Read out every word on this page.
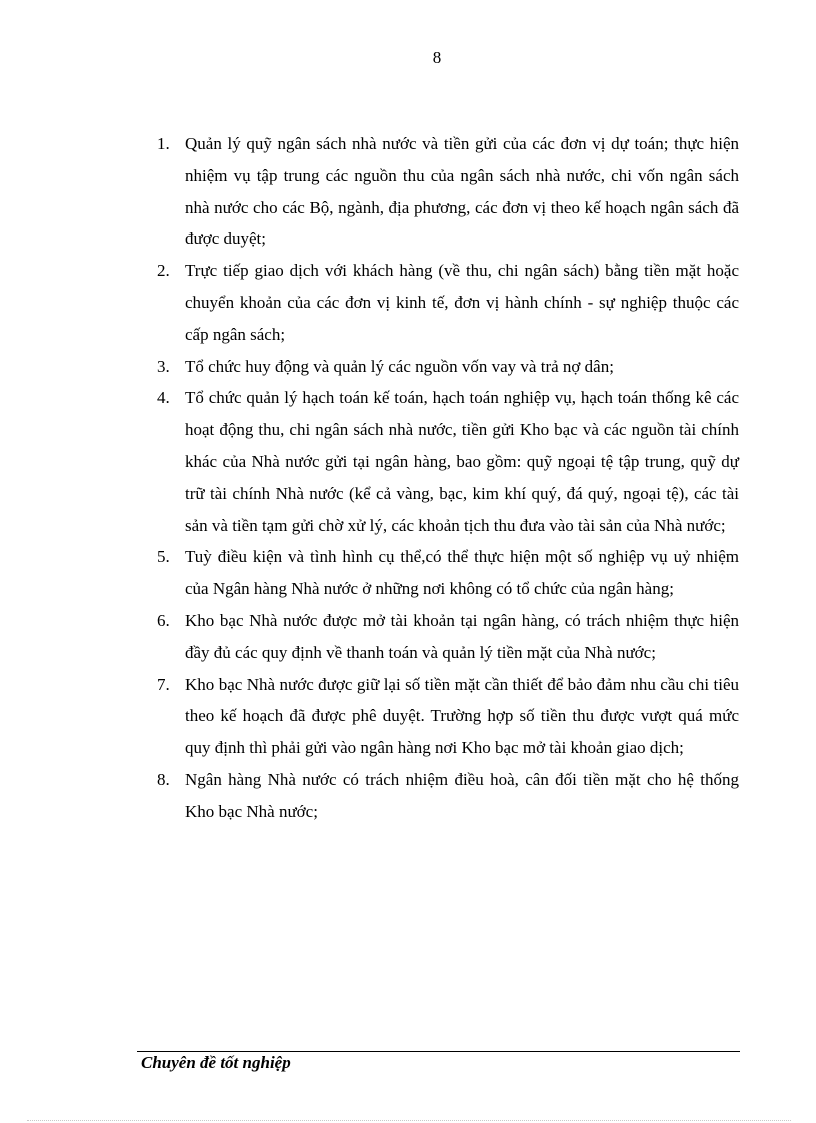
8
1. Quản lý quỹ ngân sách nhà nước và tiền gửi của các đơn vị dự toán; thực hiện nhiệm vụ tập trung các nguồn thu của ngân sách nhà nước, chi vốn ngân sách nhà nước cho các Bộ, ngành, địa phương, các đơn vị theo kế hoạch ngân sách đã được duyệt;
2. Trực tiếp giao dịch với khách hàng (về thu, chi ngân sách) bằng tiền mặt hoặc chuyển khoản của các đơn vị kinh tế, đơn vị hành chính - sự nghiệp thuộc các cấp ngân sách;
3. Tổ chức huy động và quản lý các nguồn vốn vay và trả nợ dân;
4. Tổ chức quản lý hạch toán kế toán, hạch toán nghiệp vụ, hạch toán thống kê các hoạt động thu, chi ngân sách nhà nước, tiền gửi Kho bạc và các nguồn tài chính khác của Nhà nước gửi tại ngân hàng, bao gồm: quỹ ngoại tệ tập trung, quỹ dự trữ tài chính Nhà nước (kể cả vàng, bạc, kim khí quý, đá quý, ngoại tệ), các tài sản và tiền tạm gửi chờ xử lý, các khoản tịch thu đưa vào tài sản của Nhà nước;
5. Tuỳ điều kiện và tình hình cụ thể,có thể thực hiện một số nghiệp vụ uỷ nhiệm của Ngân hàng Nhà nước ở những nơi không có tổ chức của ngân hàng;
6. Kho bạc Nhà nước được mở tài khoản tại ngân hàng, có trách nhiệm thực hiện đầy đủ các quy định về thanh toán và quản lý tiền mặt của Nhà nước;
7. Kho bạc Nhà nước được giữ lại số tiền mặt cần thiết để bảo đảm nhu cầu chi tiêu theo kế hoạch đã được phê duyệt. Trường hợp số tiền thu được vượt quá mức quy định thì phải gửi vào ngân hàng nơi Kho bạc mở tài khoản giao dịch;
8. Ngân hàng Nhà nước có trách nhiệm điều hoà, cân đối tiền mặt cho hệ thống Kho bạc Nhà nước;
Chuyên đề tốt nghiệp
